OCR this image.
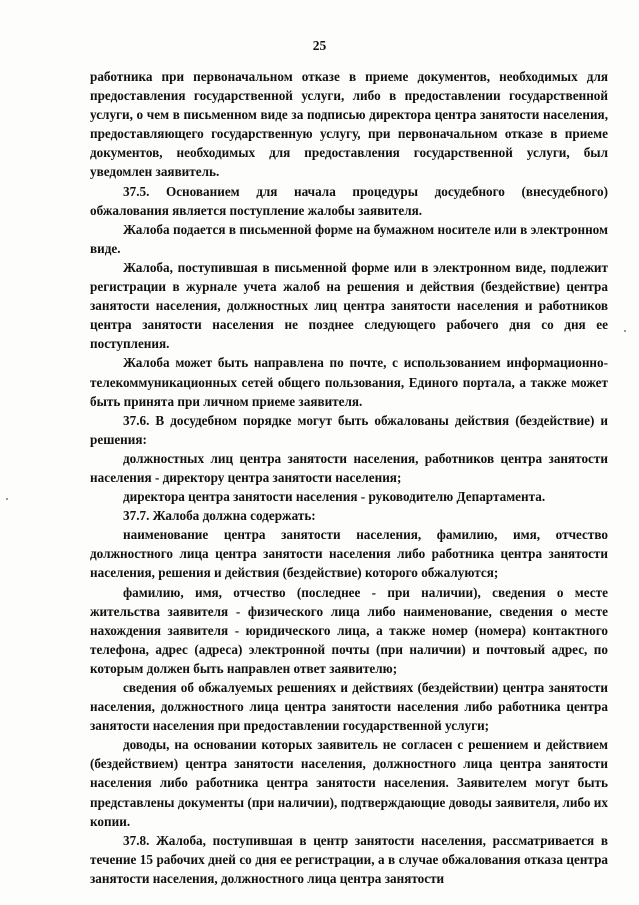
25

работника при первоначальном отказе в приеме документов, необходимых для предоставления государственной услуги, либо в предоставлении государственной услуги, о чем в письменном виде за подписью директора центра занятости населения, предоставляющего государственную услугу, при первоначальном отказе в приеме документов, необходимых для предоставления государственной услуги, был уведомлен заявитель.

37.5. Основанием для начала процедуры досудебного (внесудебного) обжалования является поступление жалобы заявителя.

Жалоба подается в письменной форме на бумажном носителе или в электронном виде.

Жалоба, поступившая в письменной форме или в электронном виде, подлежит регистрации в журнале учета жалоб на решения и действия (бездействие) центра занятости населения, должностных лиц центра занятости населения и работников центра занятости населения не позднее следующего рабочего дня со дня ее поступления.

Жалоба может быть направлена по почте, с использованием информационно-телекоммуникационных сетей общего пользования, Единого портала, а также может быть принята при личном приеме заявителя.

37.6. В досудебном порядке могут быть обжалованы действия (бездействие) и решения:

должностных лиц центра занятости населения, работников центра занятости населения - директору центра занятости населения;

директора центра занятости населения - руководителю Департамента.

37.7. Жалоба должна содержать:

наименование центра занятости населения, фамилию, имя, отчество должностного лица центра занятости населения либо работника центра занятости населения, решения и действия (бездействие) которого обжалуются;

фамилию, имя, отчество (последнее - при наличии), сведения о месте жительства заявителя - физического лица либо наименование, сведения о месте нахождения заявителя - юридического лица, а также номер (номера) контактного телефона, адрес (адреса) электронной почты (при наличии) и почтовый адрес, по которым должен быть направлен ответ заявителю;

сведения об обжалуемых решениях и действиях (бездействии) центра занятости населения, должностного лица центра занятости населения либо работника центра занятости населения при предоставлении государственной услуги;

доводы, на основании которых заявитель не согласен с решением и действием (бездействием) центра занятости населения, должностного лица центра занятости населения либо работника центра занятости населения. Заявителем могут быть представлены документы (при наличии), подтверждающие доводы заявителя, либо их копии.

37.8. Жалоба, поступившая в центр занятости населения, рассматривается в течение 15 рабочих дней со дня ее регистрации, а в случае обжалования отказа центра занятости населения, должностного лица центра занятости
